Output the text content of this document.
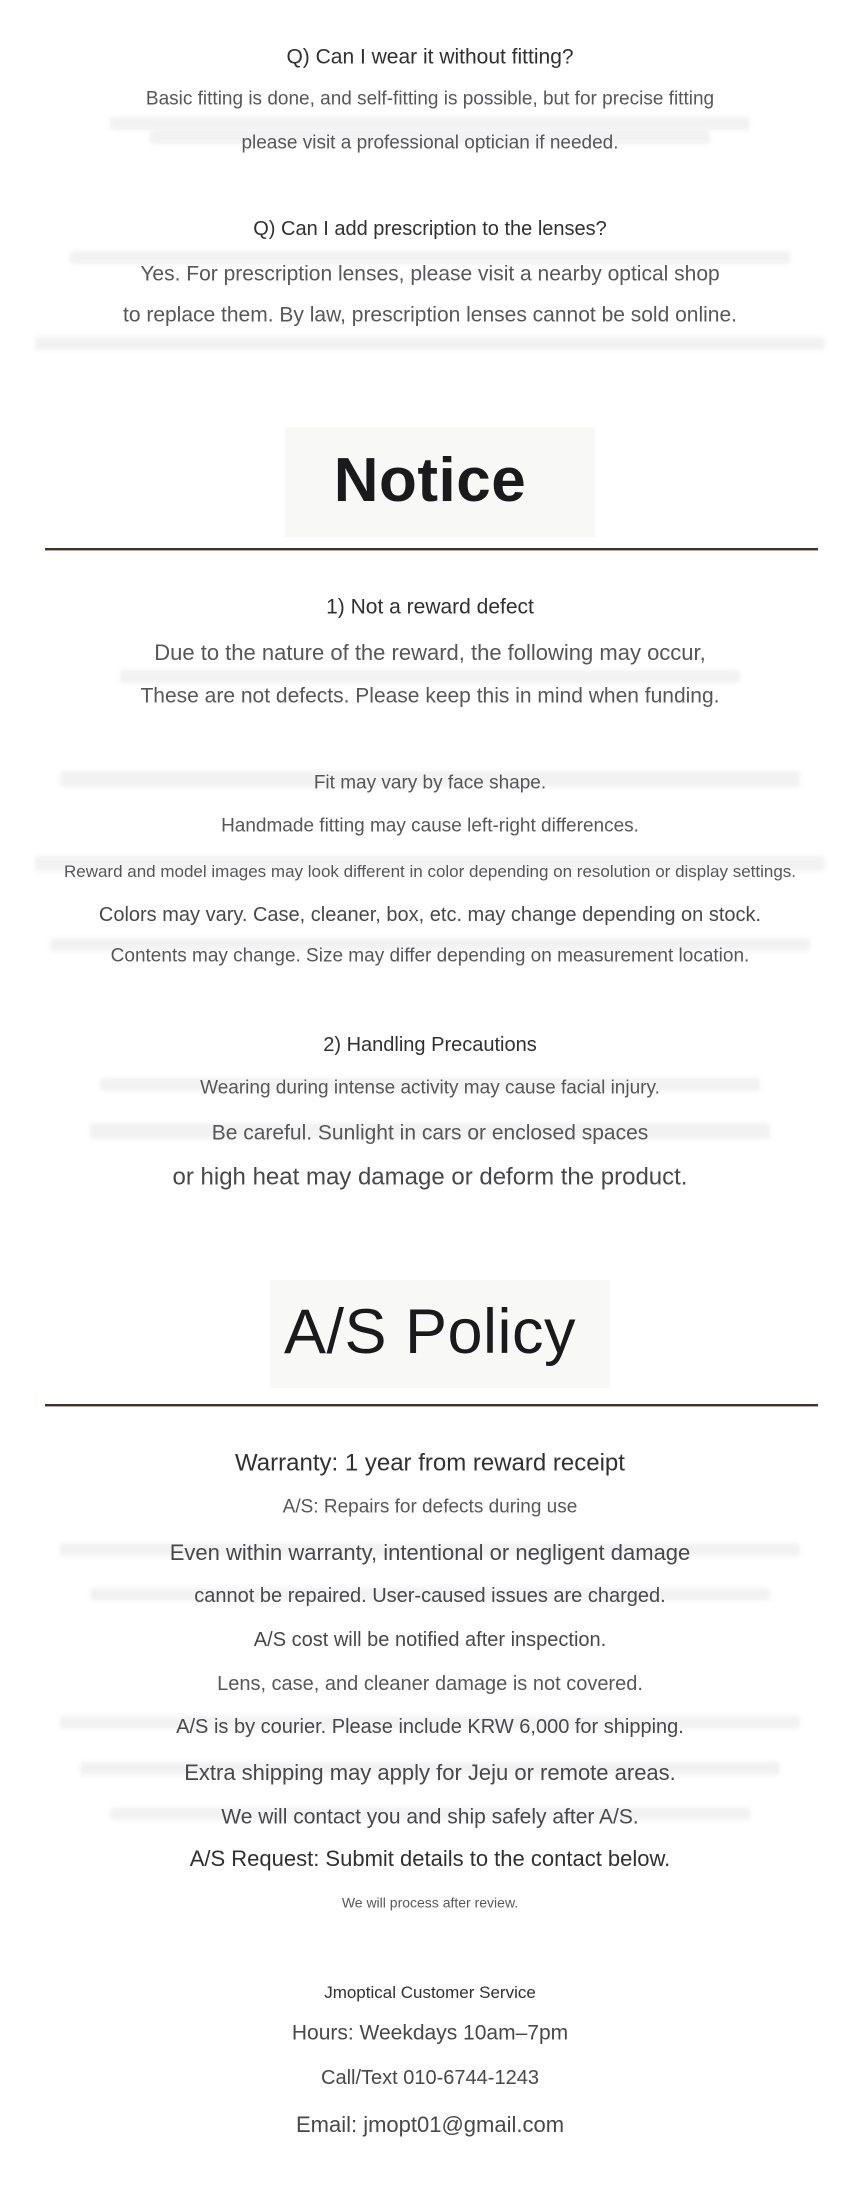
Q) Can I wear it without fitting?
Basic fitting is done, and self-fitting is possible, but for precise fitting
please visit a professional optician if needed.
Q) Can I add prescription to the lenses?
Yes. For prescription lenses, please visit a nearby optical shop
to replace them. By law, prescription lenses cannot be sold online.
Notice
1) Not a reward defect
Due to the nature of the reward, the following may occur,
These are not defects. Please keep this in mind when funding.
Fit may vary by face shape.
Handmade fitting may cause left-right differences.
Reward and model images may look different in color depending on resolution or display settings.
Colors may vary. Case, cleaner, box, etc. may change depending on stock.
Contents may change. Size may differ depending on measurement location.
2) Handling Precautions
Wearing during intense activity may cause facial injury.
Be careful. Sunlight in cars or enclosed spaces
or high heat may damage or deform the product.
A/S Policy
Warranty: 1 year from reward receipt
A/S: Repairs for defects during use
Even within warranty, intentional or negligent damage
cannot be repaired. User-caused issues are charged.
A/S cost will be notified after inspection.
Lens, case, and cleaner damage is not covered.
A/S is by courier. Please include KRW 6,000 for shipping.
Extra shipping may apply for Jeju or remote areas.
We will contact you and ship safely after A/S.
A/S Request: Submit details to the contact below.
We will process after review.
Jmoptical Customer Service
Hours: Weekdays 10am–7pm
Call/Text 010-6744-1243
Email: jmopt01@gmail.com
